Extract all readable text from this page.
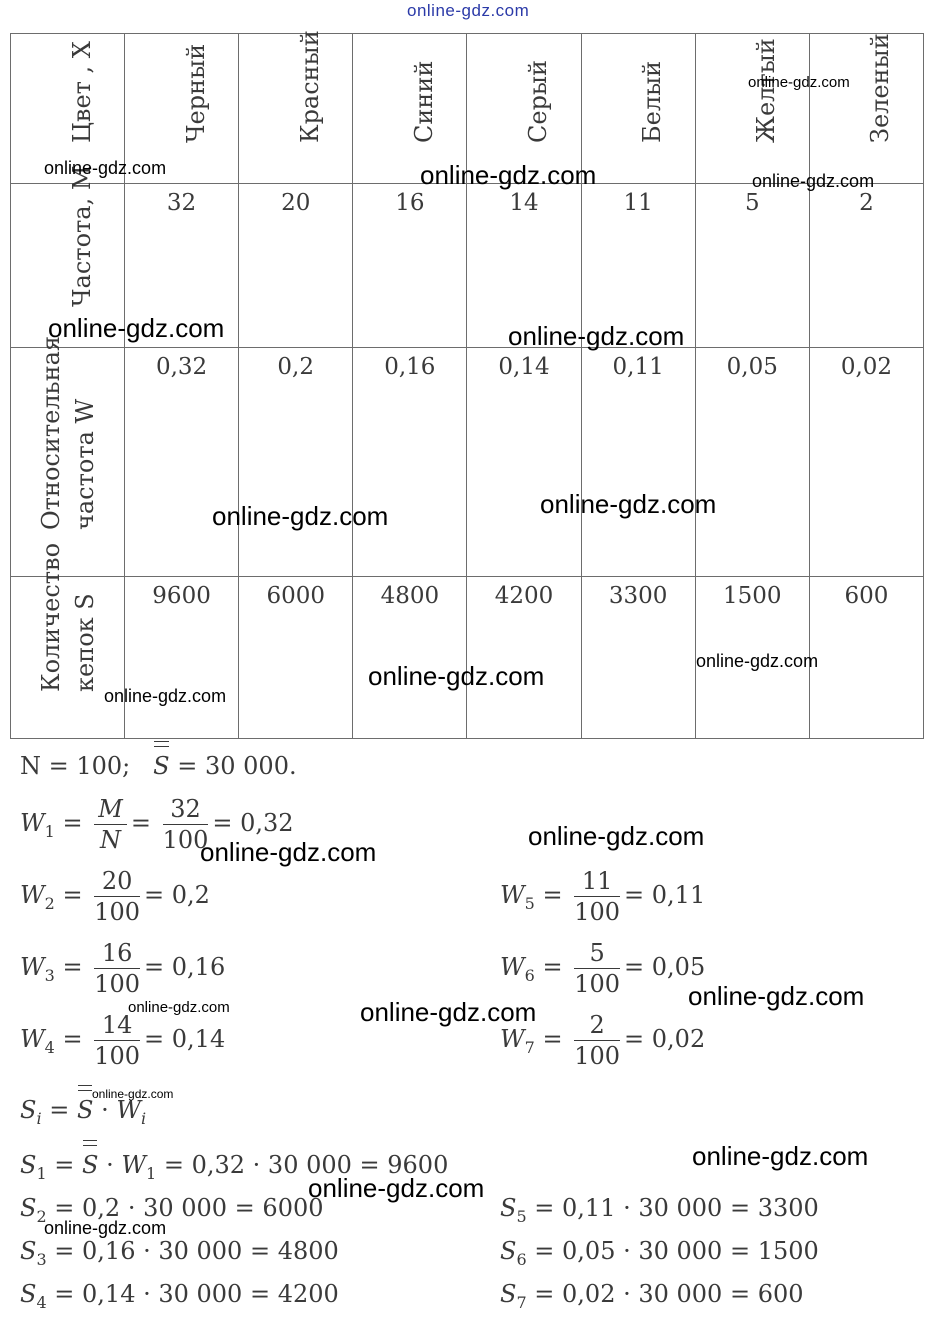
online-gdz.com
Цвет , X	Черный	Красный	Синий	Серый	Белый	Желтый	Зеленый

Частота, M	32	20	16	14	11	5	2

Относительная частота W	0,32	0,2	0,16	0,14	0,11	0,05	0,02

Количество кепок S	9600	6000	4800	4200	3300	1500	600
N = 100; S = 30 000.
$W_1 = \frac{M}{N} = \frac{32}{100} = 0,32$
$W_2 = \frac{20}{100} = 0,2$
$W_3 = \frac{16}{100} = 0,16$
$W_4 = \frac{14}{100} = 0,14$
$W_5 = \frac{11}{100} = 0,11$
$W_6 = \frac{5}{100} = 0,05$
$W_7 = \frac{2}{100} = 0,02$
$S_i = S \cdot W_i$
$S_1 = S \cdot W_1 = 0,32 \cdot 30$ 000 = 9600
$S_2 = 0,2 \cdot 30$ 000 = 6000
$S_3 = 0,16 \cdot 30$ 000 = 4800
$S_4 = 0,14 \cdot 30$ 000 = 4200
$S_5 = 0,11 \cdot 30$ 000 = 3300
$S_6 = 0,05 \cdot 30$ 000 = 1500
$S_7 = 0,02 \cdot 30$ 000 = 600
online-gdz.com	online-gdz.com
online-gdz.com
online-gdz.com
online-gdz.com	online-gdz.com
online-gdz.com	online-gdz.com
online-gdz.com	online-gdz.com
online-gdz.com
online-gdz.com
online-gdz.com
online-gdz.com	online-gdz.com
online-gdz.com
online-gdz.com
online-gdz.com
online-gdz.com
online-gdz.com
